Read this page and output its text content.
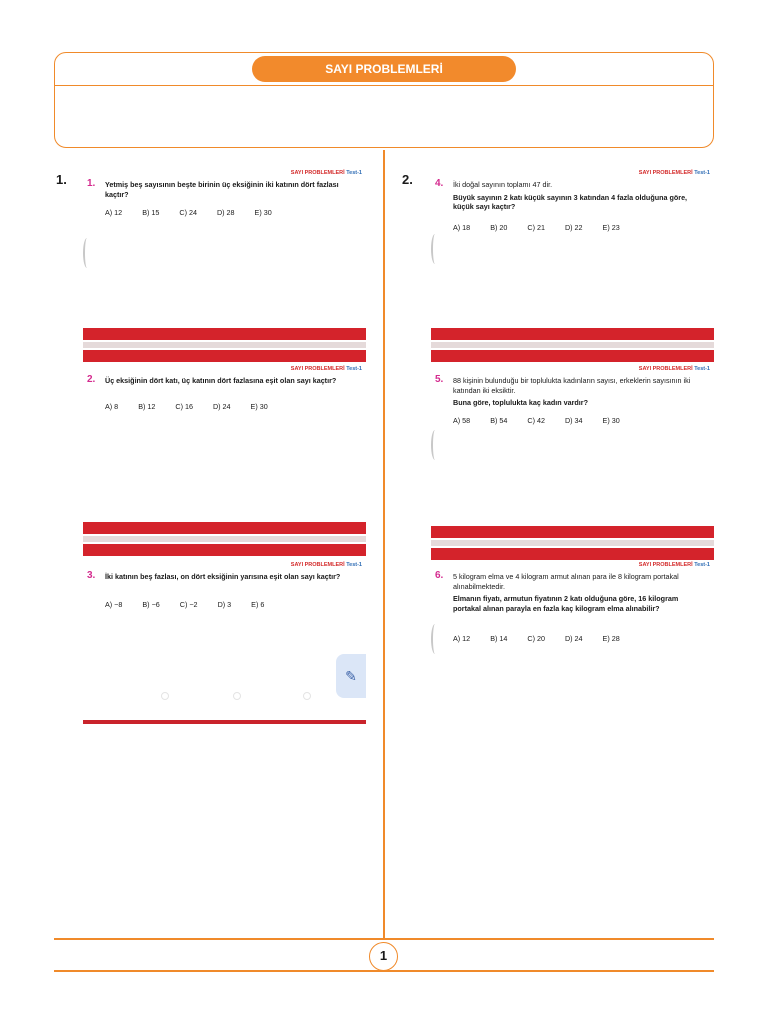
SAYI PROBLEMLERİ
1
1.	2.
SAYI PROBLEMLERİ Test-1
1. Yetmiş beş sayısının beşte birinin üç eksiğinin iki katının dört fazlası kaçtır?
A) 12	B) 15	C) 24	D) 28	E) 30
SAYI PROBLEMLERİ Test-1
2. Üç eksiğinin dört katı, üç katının dört fazlasına eşit olan sayı kaçtır?
A) 8	B) 12	C) 16	D) 24	E) 30
SAYI PROBLEMLERİ Test-1
3. İki katının beş fazlası, on dört eksiğinin yarısına eşit olan sayı kaçtır?
A) −8	B) −6	C) −2	D) 3	E) 6
✎
SAYI PROBLEMLERİ Test-1
4. İki doğal sayının toplamı 47 dir.
Büyük sayının 2 katı küçük sayının 3 katından 4 fazla olduğuna göre, küçük sayı kaçtır?
A) 18	B) 20	C) 21	D) 22	E) 23
SAYI PROBLEMLERİ Test-1
5. 88 kişinin bulunduğu bir toplulukta kadınların sayısı, erkeklerin sayısının iki katından iki eksiktir.
Buna göre, toplulukta kaç kadın vardır?
A) 58	B) 54	C) 42	D) 34	E) 30
SAYI PROBLEMLERİ Test-1
6. 5 kilogram elma ve 4 kilogram armut alınan para ile 8 kilogram portakal alınabilmektedir.
Elmanın fiyatı, armutun fiyatının 2 katı olduğuna göre, 16 kilogram portakal alınan parayla en fazla kaç kilogram elma alınabilir?
A) 12	B) 14	C) 20	D) 24	E) 28
